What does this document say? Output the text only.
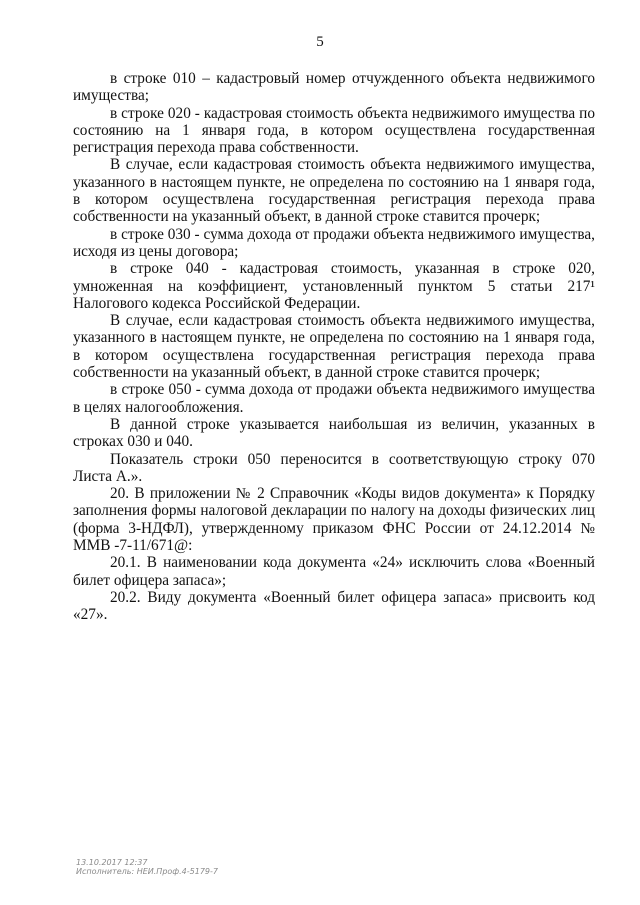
5

в строке 010 – кадастровый номер отчужденного объекта недвижимого имущества;

в строке 020 - кадастровая стоимость объекта недвижимого имущества по состоянию на 1 января года, в котором осуществлена государственная регистрация перехода права собственности.

В случае, если кадастровая стоимость объекта недвижимого имущества, указанного в настоящем пункте, не определена по состоянию на 1 января года, в котором осуществлена государственная регистрация перехода права собственности на указанный объект, в данной строке ставится прочерк;

в строке 030 - сумма дохода от продажи объекта недвижимого имущества, исходя из цены договора;

в строке 040 - кадастровая стоимость, указанная в строке 020, умноженная на коэффициент, установленный пунктом 5 статьи 217¹ Налогового кодекса Российской Федерации.

В случае, если кадастровая стоимость объекта недвижимого имущества, указанного в настоящем пункте, не определена по состоянию на 1 января года, в котором осуществлена государственная регистрация перехода права собственности на указанный объект, в данной строке ставится прочерк;

в строке 050 - сумма дохода от продажи объекта недвижимого имущества в целях налогообложения.

В данной строке указывается наибольшая из величин, указанных в строках 030 и 040.

Показатель строки 050 переносится в соответствующую строку 070 Листа А.».

20. В приложении № 2 Справочник «Коды видов документа» к Порядку заполнения формы налоговой декларации по налогу на доходы физических лиц (форма 3-НДФЛ), утвержденному приказом ФНС России от 24.12.2014 № ММВ -7-11/671@:

20.1. В наименовании кода документа «24» исключить слова «Военный билет офицера запаса»;

20.2. Виду документа «Военный билет офицера запаса» присвоить код «27».

13.10.2017 12:37
Исполнитель: НЕИ.Проф.4-5179-7
